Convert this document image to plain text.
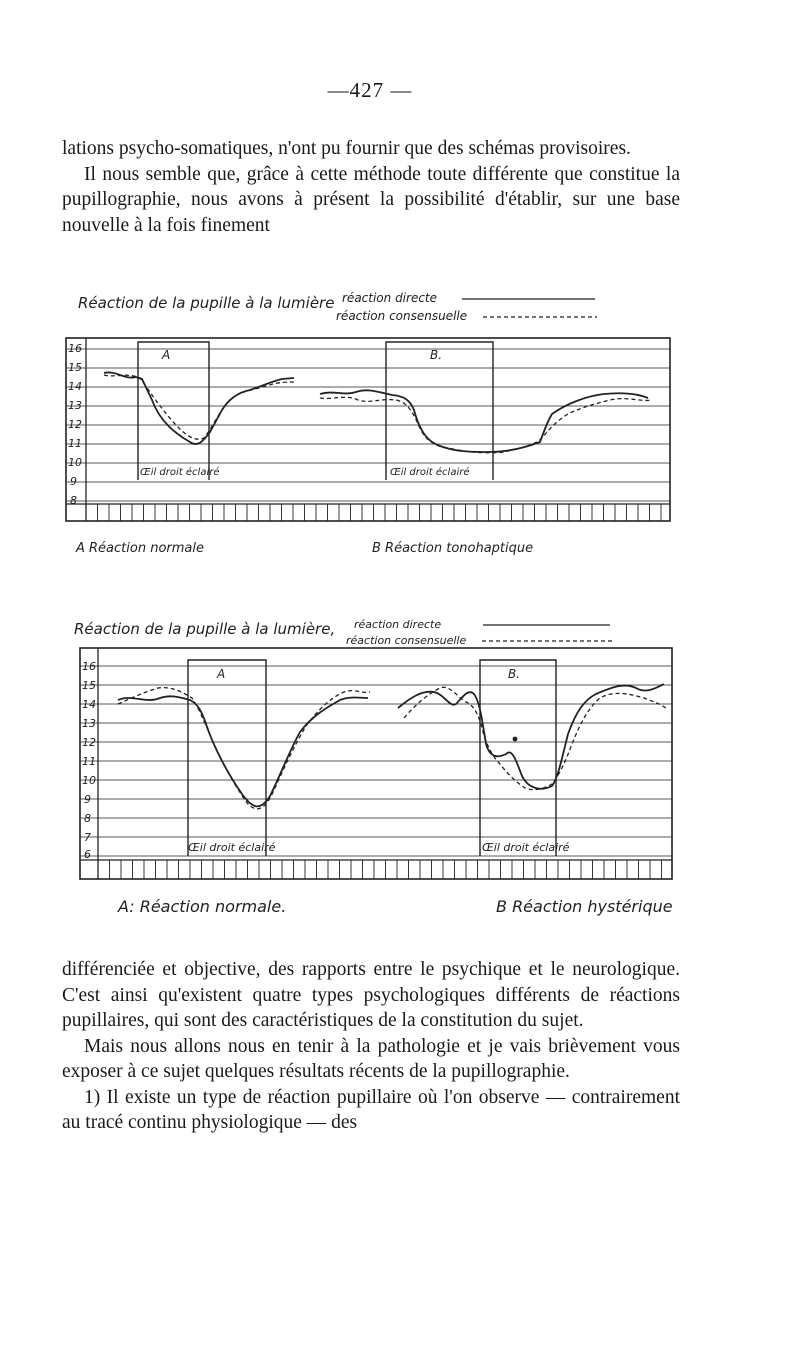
—427 —

lations psycho-somatiques, n'ont pu fournir que des schémas provisoires.

Il nous semble que, grâce à cette méthode toute différente que constitue la pupillographie, nous avons à présent la possibilité d'établir, sur une base nouvelle à la fois finement

Réaction de la pupille à la lumière réaction directe
réaction consensuelle
16
15
14
13
12
11
10
9
8
A
Œil droit éclairé
B.
Œil droit éclairé
A Réaction normale	B Réaction tonohaptique
Réaction de la pupille à la lumière, réaction directe
réaction consensuelle
16
15
14
13
12
11
10
9
8
7
6
A
Œil droit éclairé
B.
Œil droit éclairé
A: Réaction normale.	B Réaction hystérique

différenciée et objective, des rapports entre le psychique et le neurologique. C'est ainsi qu'existent quatre types psychologiques différents de réactions pupillaires, qui sont des caractéristiques de la constitution du sujet.

Mais nous allons nous en tenir à la pathologie et je vais brièvement vous exposer à ce sujet quelques résultats récents de la pupillographie.

1) Il existe un type de réaction pupillaire où l'on observe — contrairement au tracé continu physiologique — des
